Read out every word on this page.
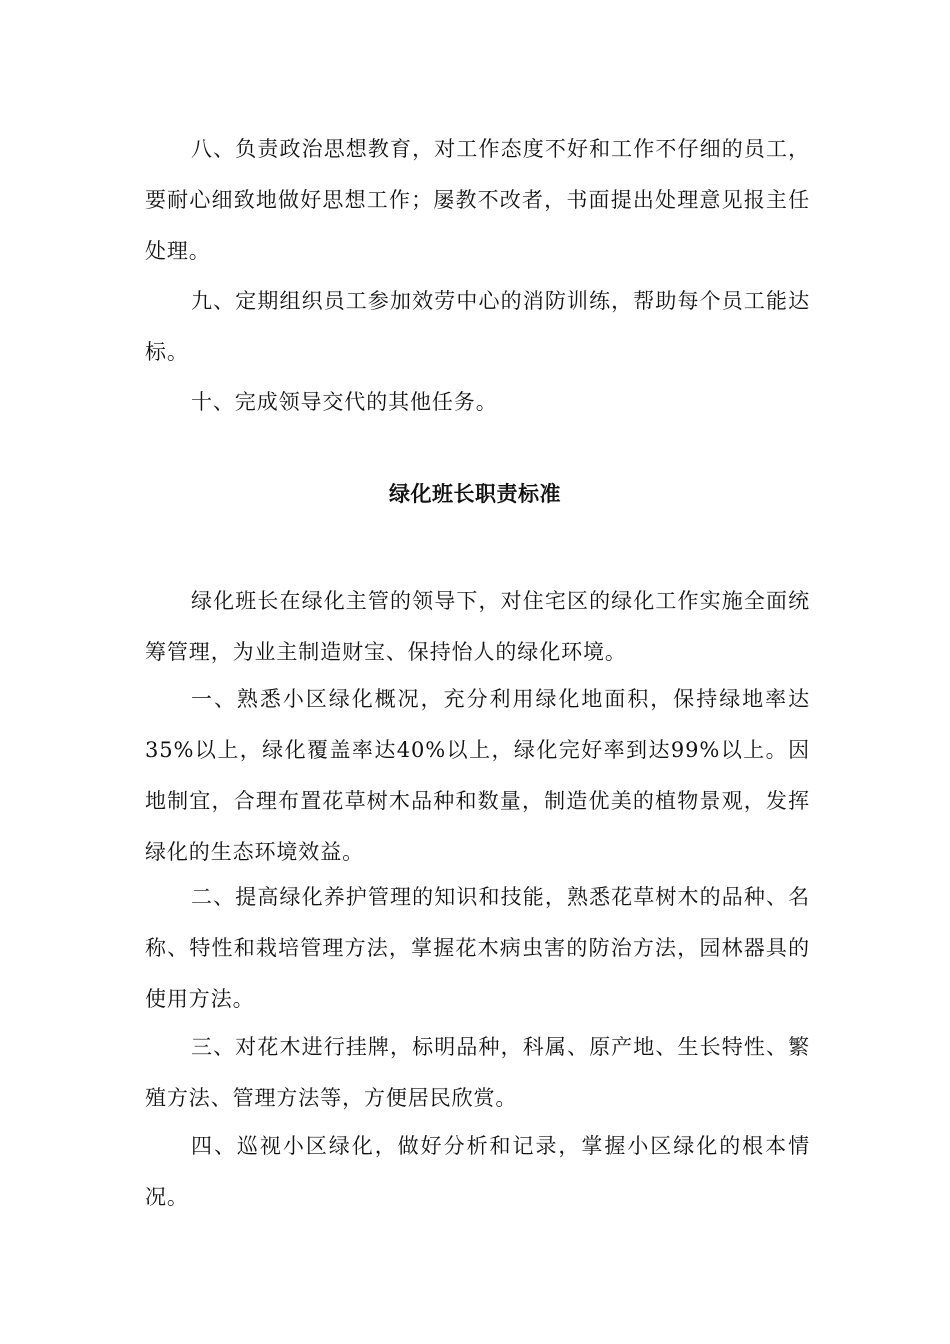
八、负责政治思想教育，对工作态度不好和工作不仔细的员工，要耐心细致地做好思想工作；屡教不改者，书面提出处理意见报主任处理。

九、定期组织员工参加效劳中心的消防训练，帮助每个员工能达标。

十、完成领导交代的其他任务。

绿化班长职责标准

绿化班长在绿化主管的领导下，对住宅区的绿化工作实施全面统筹管理，为业主制造财宝、保持怡人的绿化环境。

一、熟悉小区绿化概况，充分利用绿化地面积，保持绿地率达35%以上，绿化覆盖率达40%以上，绿化完好率到达99%以上。因地制宜，合理布置花草树木品种和数量，制造优美的植物景观，发挥绿化的生态环境效益。

二、提高绿化养护管理的知识和技能，熟悉花草树木的品种、名称、特性和栽培管理方法，掌握花木病虫害的防治方法，园林器具的使用方法。

三、对花木进行挂牌，标明品种，科属、原产地、生长特性、繁殖方法、管理方法等，方便居民欣赏。

四、巡视小区绿化，做好分析和记录，掌握小区绿化的根本情况。
